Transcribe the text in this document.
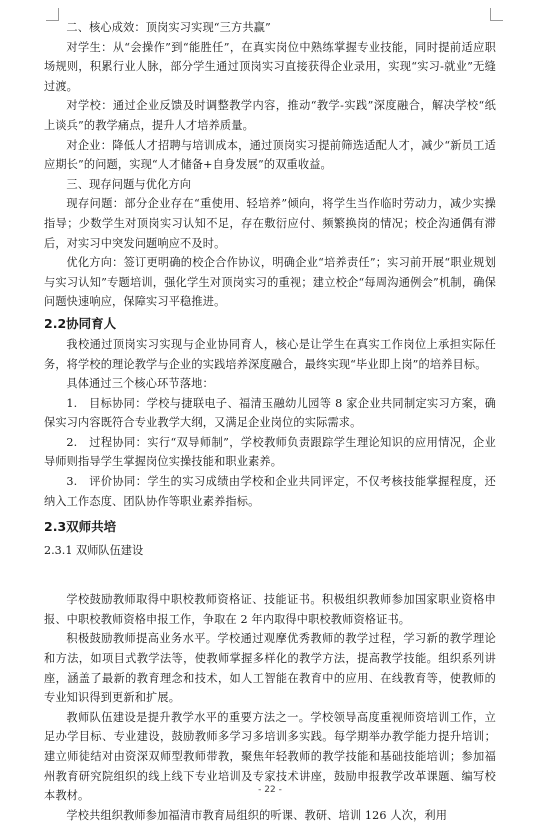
二、核心成效：顶岗实习实现“三方共赢”

对学生：从“会操作”到“能胜任”，在真实岗位中熟练掌握专业技能，同时提前适应职场规则，积累行业人脉，部分学生通过顶岗实习直接获得企业录用，实现“实习-就业”无缝过渡。

对学校：通过企业反馈及时调整教学内容，推动“教学-实践”深度融合，解决学校“纸上谈兵”的教学痛点，提升人才培养质量。

对企业：降低人才招聘与培训成本，通过顶岗实习提前筛选适配人才，减少“新员工适应期长”的问题，实现“人才储备+自身发展”的双重收益。

三、现存问题与优化方向

现存问题：部分企业存在“重使用、轻培养”倾向，将学生当作临时劳动力，减少实操指导；少数学生对顶岗实习认知不足，存在敷衍应付、频繁换岗的情况；校企沟通偶有滞后，对实习中突发问题响应不及时。

优化方向：签订更明确的校企合作协议，明确企业“培养责任”；实习前开展“职业规划与实习认知”专题培训，强化学生对顶岗实习的重视；建立校企“每周沟通例会”机制，确保问题快速响应，保障实习平稳推进。

2.2协同育人

我校通过顶岗实习实现与企业协同育人，核心是让学生在真实工作岗位上承担实际任务，将学校的理论教学与企业的实践培养深度融合，最终实现“毕业即上岗”的培养目标。

具体通过三个核心环节落地：

1.　目标协同：学校与捷联电子、福清玉融幼儿园等 8 家企业共同制定实习方案，确保实习内容既符合专业教学大纲，又满足企业岗位的实际需求。

2.　过程协同：实行“双导师制”，学校教师负责跟踪学生理论知识的应用情况，企业导师则指导学生掌握岗位实操技能和职业素养。

3.　评价协同：学生的实习成绩由学校和企业共同评定，不仅考核技能掌握程度，还纳入工作态度、团队协作等职业素养指标。

2.3双师共培
2.3.1 双师队伍建设

学校鼓励教师取得中职校教师资格证、技能证书。积极组织教师参加国家职业资格申报、中职校教师资格申报工作，争取在 2 年内取得中职校教师资格证书。

积极鼓励教师提高业务水平。学校通过观摩优秀教师的教学过程，学习新的教学理论和方法，如项目式教学法等，使教师掌握多样化的教学方法，提高教学技能。组织系列讲座，涵盖了最新的教育理念和技术，如人工智能在教育中的应用、在线教育等，使教师的专业知识得到更新和扩展。

教师队伍建设是提升教学水平的重要方法之一。学校领导高度重视师资培训工作，立足办学目标、专业建设，鼓励教师多学习多培训多实践。每学期举办教学能力提升培训；建立师徒结对由资深双师型教师带教，聚焦年轻教师的教学技能和基础技能培训；参加福州教育研究院组织的线上线下专业培训及专家技术讲座，鼓励申报教学改革课题、编写校本教材。

学校共组织教师参加福清市教育局组织的听课、教研、培训 126 人次，利用

- 22 -
